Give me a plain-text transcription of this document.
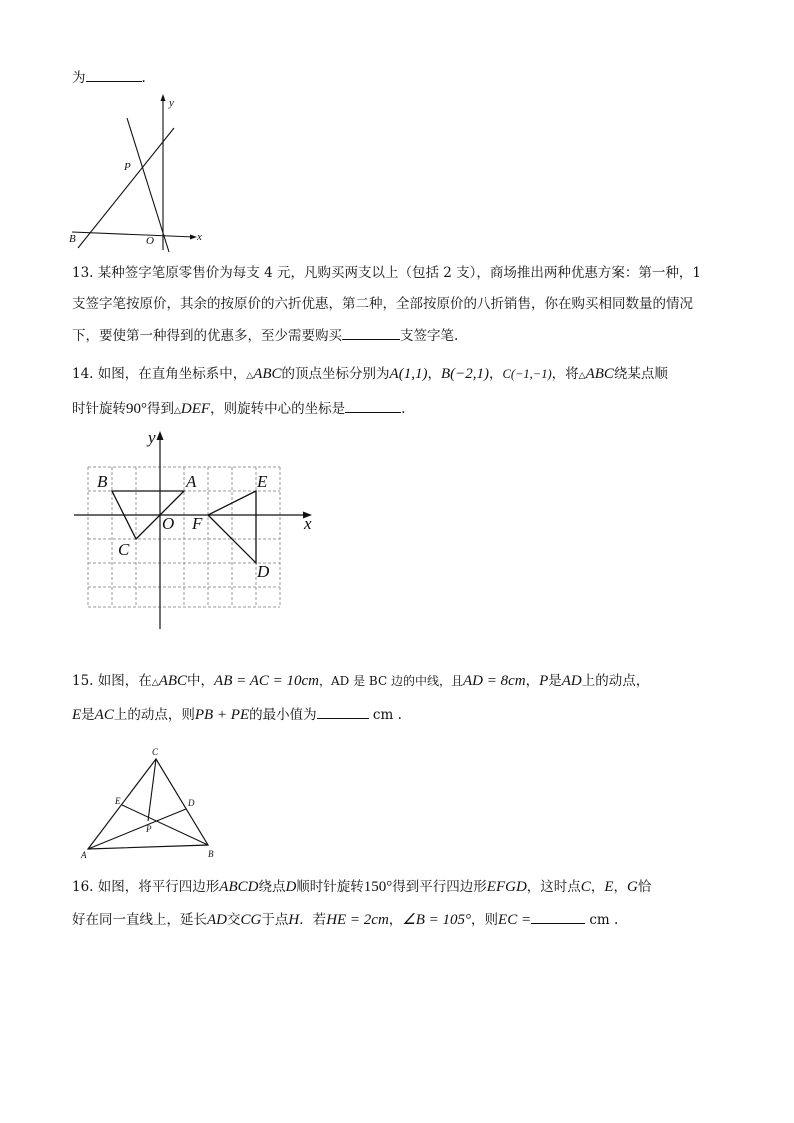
为	.
y
x
P
B	O
13. 某种签字笔原零售价为每支 4 元，凡购买两支以上（包括 2 支），商场推出两种优惠方案：第一种，1
支签字笔按原价，其余的按原价的六折优惠，第二种，全部按原价的八折销售，你在购买相同数量的情况
下，要使第一种得到的优惠多，至少需要购买	支签字笔.
14. 如图，在直角坐标系中，△ABC的顶点坐标分别为A(1,1)，B(−2,1)，C(−1,−1)，将△ABC绕某点顺
时针旋转90°得到△DEF，则旋转中心的坐标是	.
y
x
A
B
C
O F
E
D
15. 如图，在△ABC中，AB = AC = 10cm，AD 是 BC 边的中线，且AD = 8cm，P是AD上的动点，
E是AC上的动点，则PB + PE的最小值为	cm .
C
E	D
P
A	B
16. 如图，将平行四边形ABCD绕点D顺时针旋转150°得到平行四边形EFGD，这时点C，E，G恰
好在同一直线上，延长AD交CG于点H．若HE = 2cm，∠B = 105°，则EC =	cm .
